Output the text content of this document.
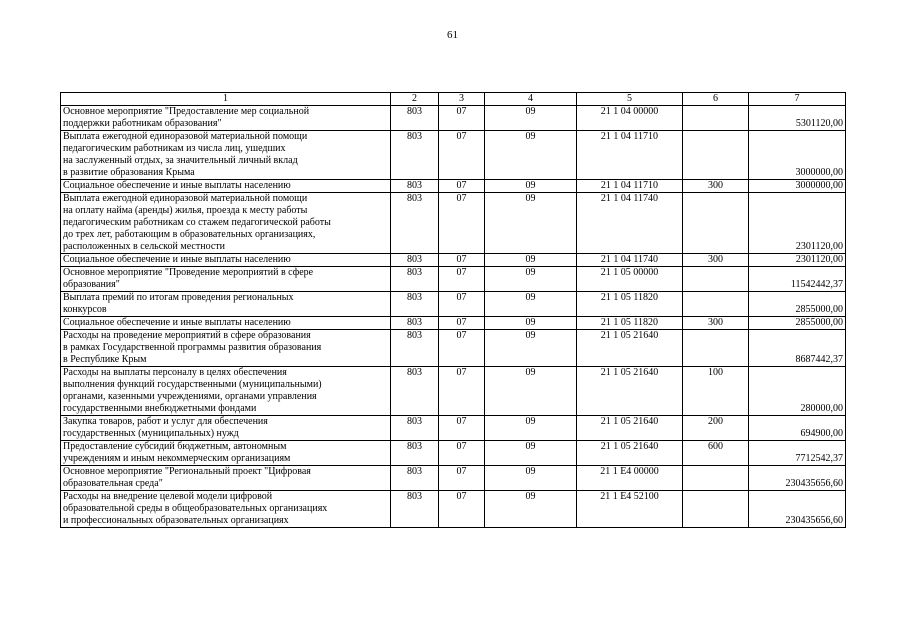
61
1	2	3	4	5	6	7
Основное мероприятие "Предоставление мер социальной
поддержки работникам образования"	803	07	09	21 1 04 00000		5301120,00
Выплата ежегодной единоразовой материальной помощи
педагогическим работникам из числа лиц, ушедших
на заслуженный отдых, за значительный личный вклад
в развитие образования Крыма	803	07	09	21 1 04 11710		3000000,00
Социальное обеспечение и иные выплаты населению	803	07	09	21 1 04 11710	300	3000000,00
Выплата ежегодной единоразовой материальной помощи
на оплату найма (аренды) жилья, проезда к месту работы
педагогическим работникам со стажем педагогической работы
до трех лет, работающим в образовательных организациях,
расположенных в сельской местности	803	07	09	21 1 04 11740		2301120,00
Социальное обеспечение и иные выплаты населению	803	07	09	21 1 04 11740	300	2301120,00
Основное мероприятие "Проведение мероприятий в сфере
образования"	803	07	09	21 1 05 00000		11542442,37
Выплата премий по итогам проведения региональных
конкурсов	803	07	09	21 1 05 11820		2855000,00
Социальное обеспечение и иные выплаты населению	803	07	09	21 1 05 11820	300	2855000,00
Расходы на проведение мероприятий в сфере образования
в рамках Государственной программы развития образования
в Республике Крым	803	07	09	21 1 05 21640		8687442,37
Расходы на выплаты персоналу в целях обеспечения
выполнения функций государственными (муниципальными)
органами, казенными учреждениями, органами управления
государственными внебюджетными фондами	803	07	09	21 1 05 21640	100	280000,00
Закупка товаров, работ и услуг для обеспечения
государственных (муниципальных) нужд	803	07	09	21 1 05 21640	200	694900,00
Предоставление субсидий бюджетным, автономным
учреждениям и иным некоммерческим организациям	803	07	09	21 1 05 21640	600	7712542,37
Основное мероприятие "Региональный проект "Цифровая
образовательная среда"	803	07	09	21 1 E4 00000		230435656,60
Расходы на внедрение целевой модели цифровой
образовательной среды в общеобразовательных организациях
и профессиональных образовательных организациях	803	07	09	21 1 E4 52100		230435656,60
